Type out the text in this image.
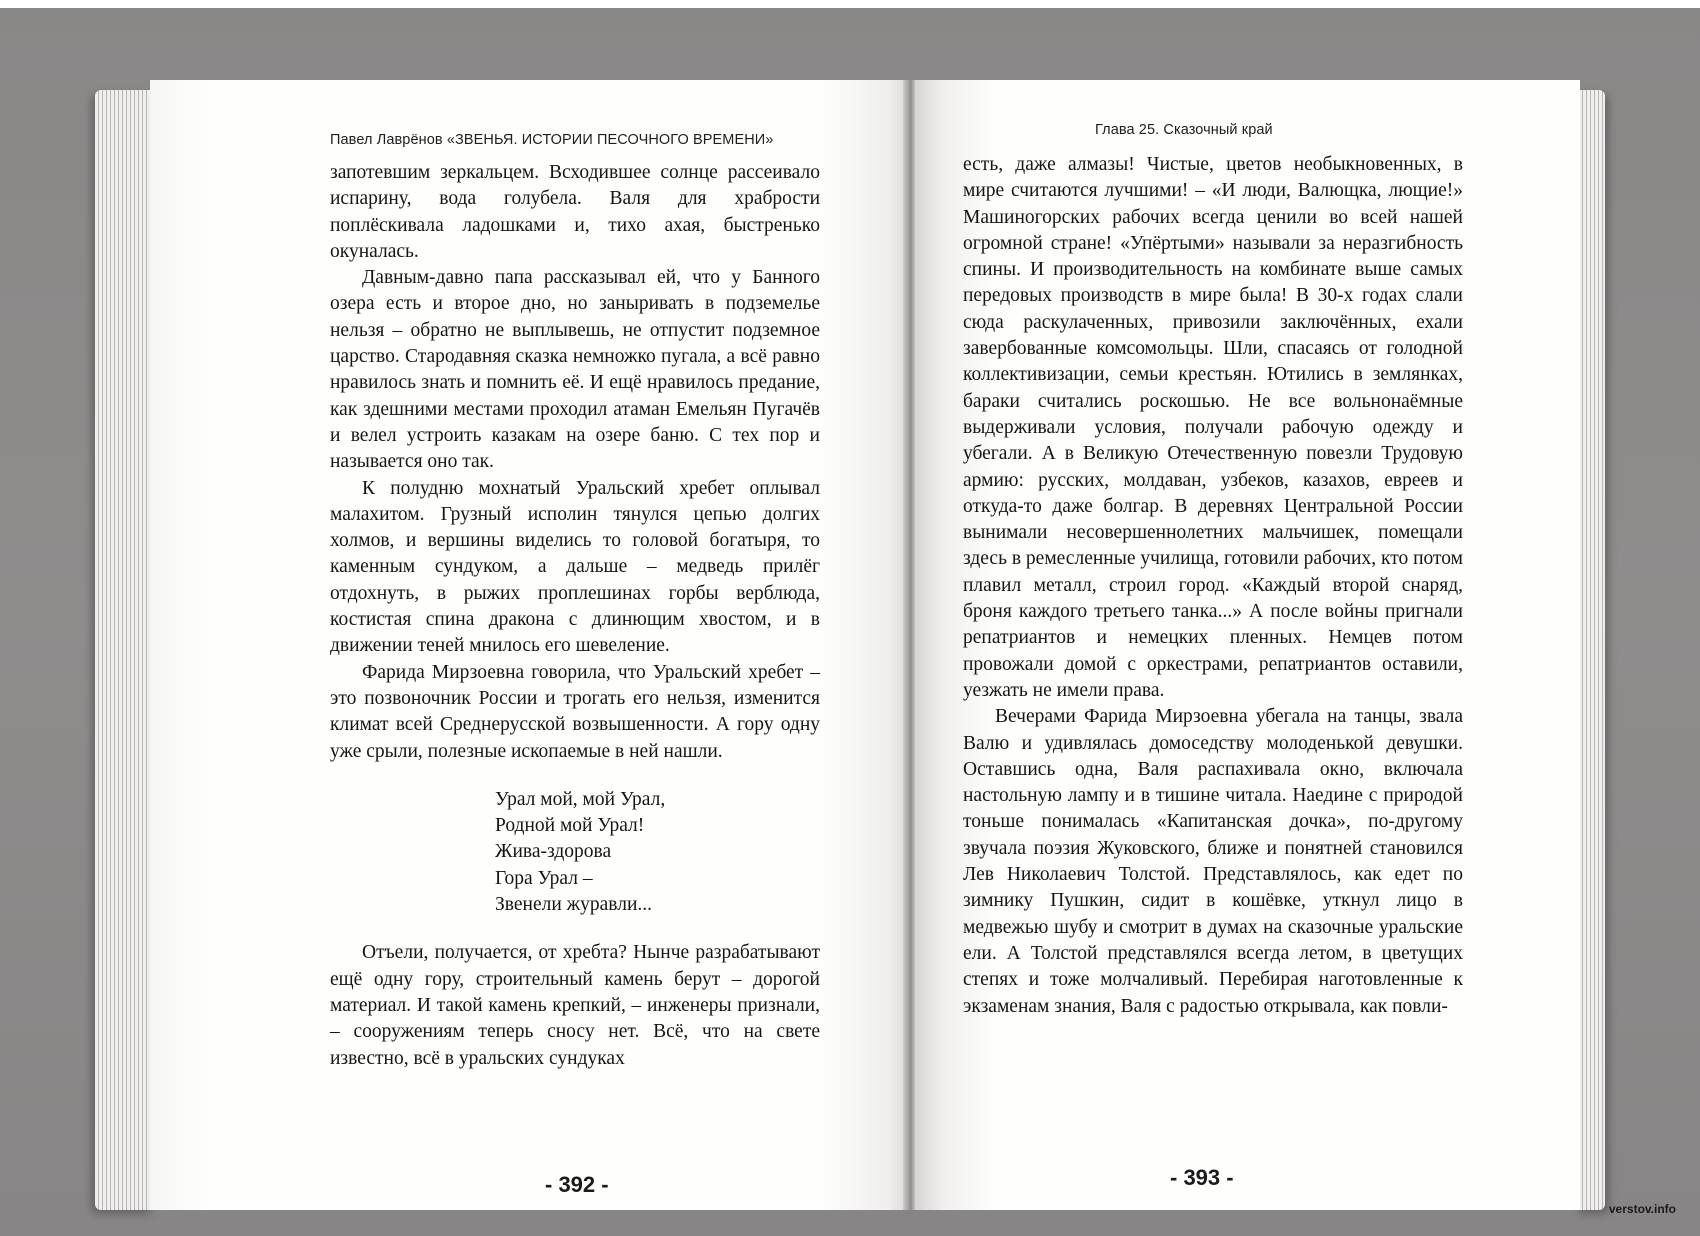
Павел Лаврёнов «ЗВЕНЬЯ. ИСТОРИИ ПЕСОЧНОГО ВРЕМЕНИ»

запотевшим зеркальцем. Всходившее солнце рассеивало испарину, вода голубела. Валя для храбрости поплёскивала ладошками и, тихо ахая, быстренько окуналась.

Давным-давно папа рассказывал ей, что у Банного озера есть и второе дно, но заныривать в подземелье нельзя – обратно не выплывешь, не отпустит подземное царство. Стародавняя сказка немножко пугала, а всё равно нравилось знать и помнить её. И ещё нравилось предание, как здешними местами проходил атаман Емельян Пугачёв и велел устроить казакам на озере баню. С тех пор и называется оно так.

К полудню мохнатый Уральский хребет оплывал малахитом. Грузный исполин тянулся цепью долгих холмов, и вершины виделись то головой богатыря, то каменным сундуком, а дальше – медведь прилёг отдохнуть, в рыжих проплешинах горбы верблюда, костистая спина дракона с длинющим хвостом, и в движении теней мнилось его шевеление.

Фарида Мирзоевна говорила, что Уральский хребет – это позвоночник России и трогать его нельзя, изменится климат всей Среднерусской возвышенности. А гору одну уже срыли, полезные ископаемые в ней нашли.

Урал мой, мой Урал,
Родной мой Урал!
Жива-здорова
Гора Урал –
Звенели журавли...

Отъели, получается, от хребта? Нынче разрабатывают ещё одну гору, строительный камень берут – дорогой материал. И такой камень крепкий, – инженеры признали, – сооружениям теперь сносу нет. Всё, что на свете известно, всё в уральских сундуках

- 392 -
Глава 25. Сказочный край

есть, даже алмазы! Чистые, цветов необыкновенных, в мире считаются лучшими! – «И люди, Валющка, лющие!» Машиногорских рабочих всегда ценили во всей нашей огромной стране! «Упёртыми» называли за неразгибность спины. И производительность на комбинате выше самых передовых производств в мире была! В 30-х годах слали сюда раскулаченных, привозили заключённых, ехали завербованные комсомольцы. Шли, спасаясь от голодной коллективизации, семьи крестьян. Ютились в землянках, бараки считались роскошью. Не все вольнонаёмные выдерживали условия, получали рабочую одежду и убегали. А в Великую Отечественную повезли Трудовую армию: русских, молдаван, узбеков, казахов, евреев и откуда-то даже болгар. В деревнях Центральной России вынимали несовершеннолетних мальчишек, помещали здесь в ремесленные училища, готовили рабочих, кто потом плавил металл, строил город. «Каждый второй снаряд, броня каждого третьего танка...» А после войны пригнали репатриантов и немецких пленных. Немцев потом провожали домой с оркестрами, репатриантов оставили, уезжать не имели права.

Вечерами Фарида Мирзоевна убегала на танцы, звала Валю и удивлялась домоседству молоденькой девушки. Оставшись одна, Валя распахивала окно, включала настольную лампу и в тишине читала. Наедине с природой тоньше понималась «Капитанская дочка», по-другому звучала поэзия Жуковского, ближе и понятней становился Лев Николаевич Толстой. Представлялось, как едет по зимнику Пушкин, сидит в кошёвке, уткнул лицо в медвежью шубу и смотрит в думах на сказочные уральские ели. А Толстой представлялся всегда летом, в цветущих степях и тоже молчаливый. Перебирая наготовленные к экзаменам знания, Валя с радостью открывала, как повли-

- 393 -
verstov.info
